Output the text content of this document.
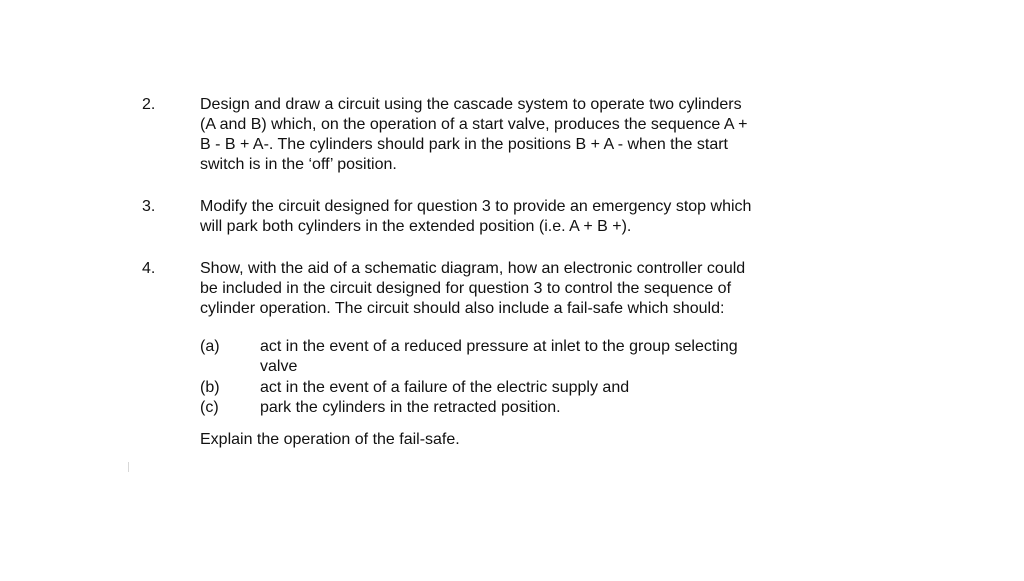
2.	Design and draw a circuit using the cascade system to operate two cylinders
(A and B) which, on the operation of a start valve, produces the sequence A +
B - B + A-. The cylinders should park in the positions B + A - when the start
switch is in the ‘off’ position.
3.	Modify the circuit designed for question 3 to provide an emergency stop which
will park both cylinders in the extended position (i.e. A + B +).
4.	Show, with the aid of a schematic diagram, how an electronic controller could
be included in the circuit designed for question 3 to control the sequence of
cylinder operation. The circuit should also include a fail-safe which should:
(a)	act in the event of a reduced pressure at inlet to the group selecting
valve
(b)	act in the event of a failure of the electric supply and
(c)	park the cylinders in the retracted position.
Explain the operation of the fail-safe.
